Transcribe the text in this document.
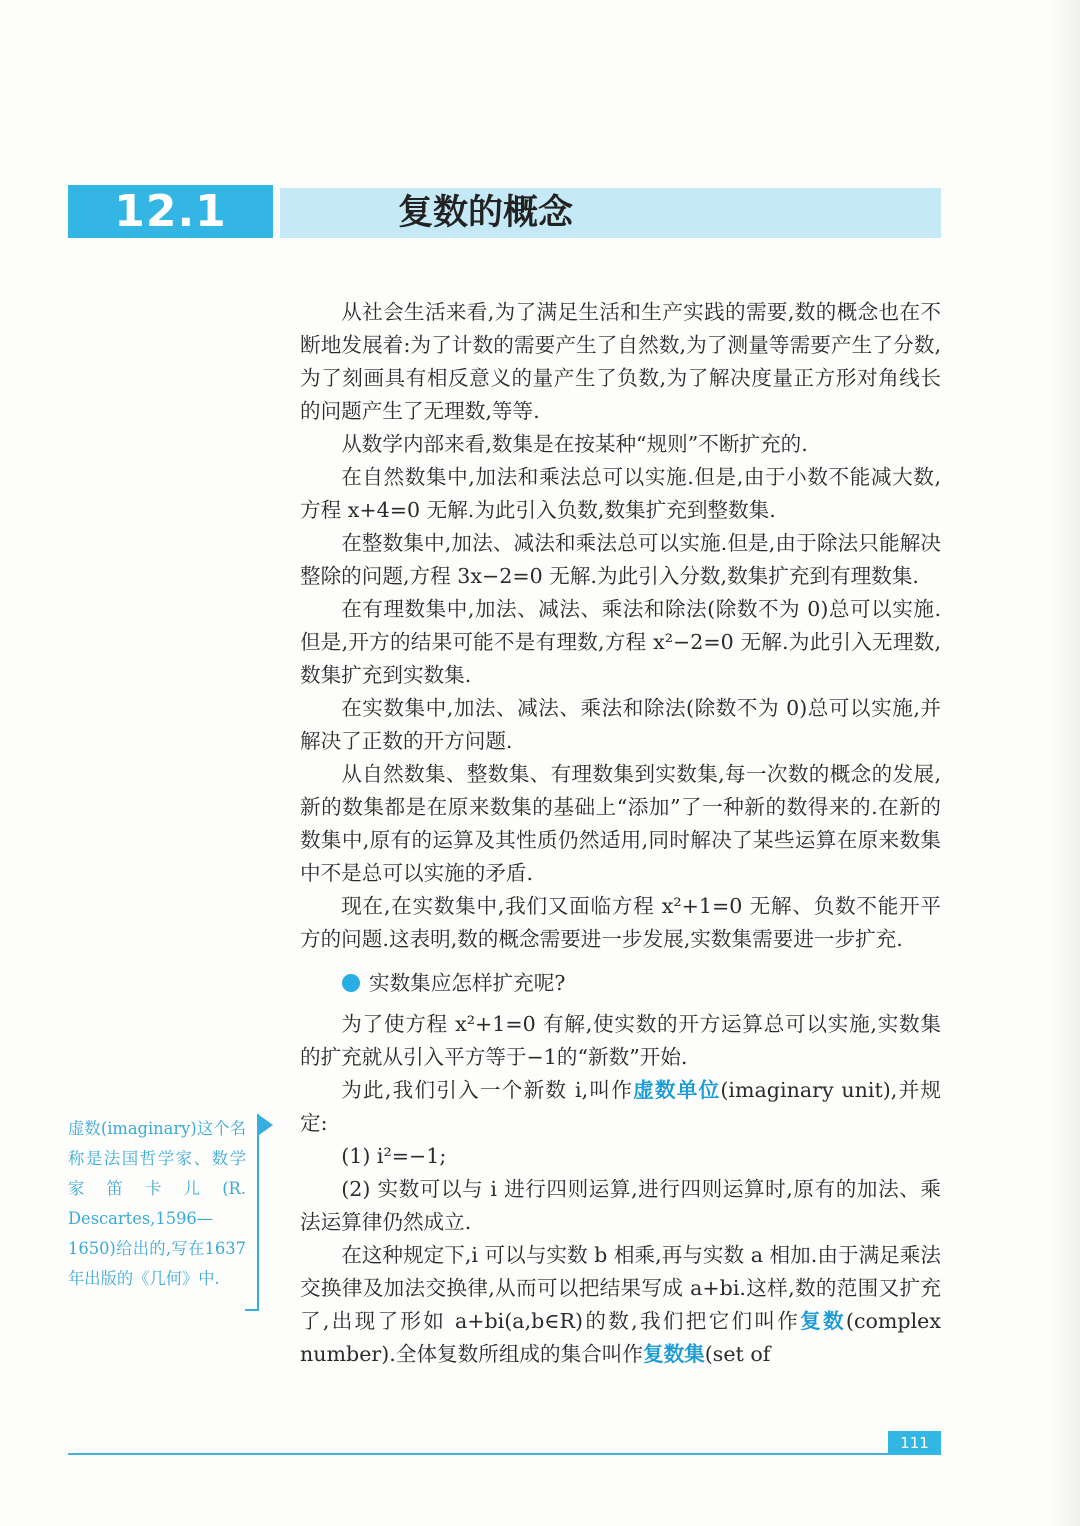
12.1	复数的概念

从社会生活来看,为了满足生活和生产实践的需要,数的概念也在不断地发展着:为了计数的需要产生了自然数,为了测量等需要产生了分数,为了刻画具有相反意义的量产生了负数,为了解决度量正方形对角线长的问题产生了无理数,等等.

从数学内部来看,数集是在按某种“规则”不断扩充的.

在自然数集中,加法和乘法总可以实施.但是,由于小数不能减大数,方程 x+4=0 无解.为此引入负数,数集扩充到整数集.

在整数集中,加法、减法和乘法总可以实施.但是,由于除法只能解决整除的问题,方程 3x−2=0 无解.为此引入分数,数集扩充到有理数集.

在有理数集中,加法、减法、乘法和除法(除数不为 0)总可以实施.但是,开方的结果可能不是有理数,方程 x²−2=0 无解.为此引入无理数,数集扩充到实数集.

在实数集中,加法、减法、乘法和除法(除数不为 0)总可以实施,并解决了正数的开方问题.

从自然数集、整数集、有理数集到实数集,每一次数的概念的发展,新的数集都是在原来数集的基础上“添加”了一种新的数得来的.在新的数集中,原有的运算及其性质仍然适用,同时解决了某些运算在原来数集中不是总可以实施的矛盾.

现在,在实数集中,我们又面临方程 x²+1=0 无解、负数不能开平方的问题.这表明,数的概念需要进一步发展,实数集需要进一步扩充.

实数集应怎样扩充呢?

为了使方程 x²+1=0 有解,使实数的开方运算总可以实施,实数集的扩充就从引入平方等于−1的“新数”开始.

为此,我们引入一个新数 i,叫作虚数单位(imaginary unit),并规定:

(1) i²=−1;

(2) 实数可以与 i 进行四则运算,进行四则运算时,原有的加法、乘法运算律仍然成立.

在这种规定下,i 可以与实数 b 相乘,再与实数 a 相加.由于满足乘法交换律及加法交换律,从而可以把结果写成 a+bi.这样,数的范围又扩充了,出现了形如 a+bi(a,b∈R)的数,我们把它们叫作复数(complex number).全体复数所组成的集合叫作复数集(set of

虚数(imaginary)这个名称是法国哲学家、数学家笛卡儿(R. Descartes,1596—1650)给出的,写在1637年出版的《几何》中.
111
